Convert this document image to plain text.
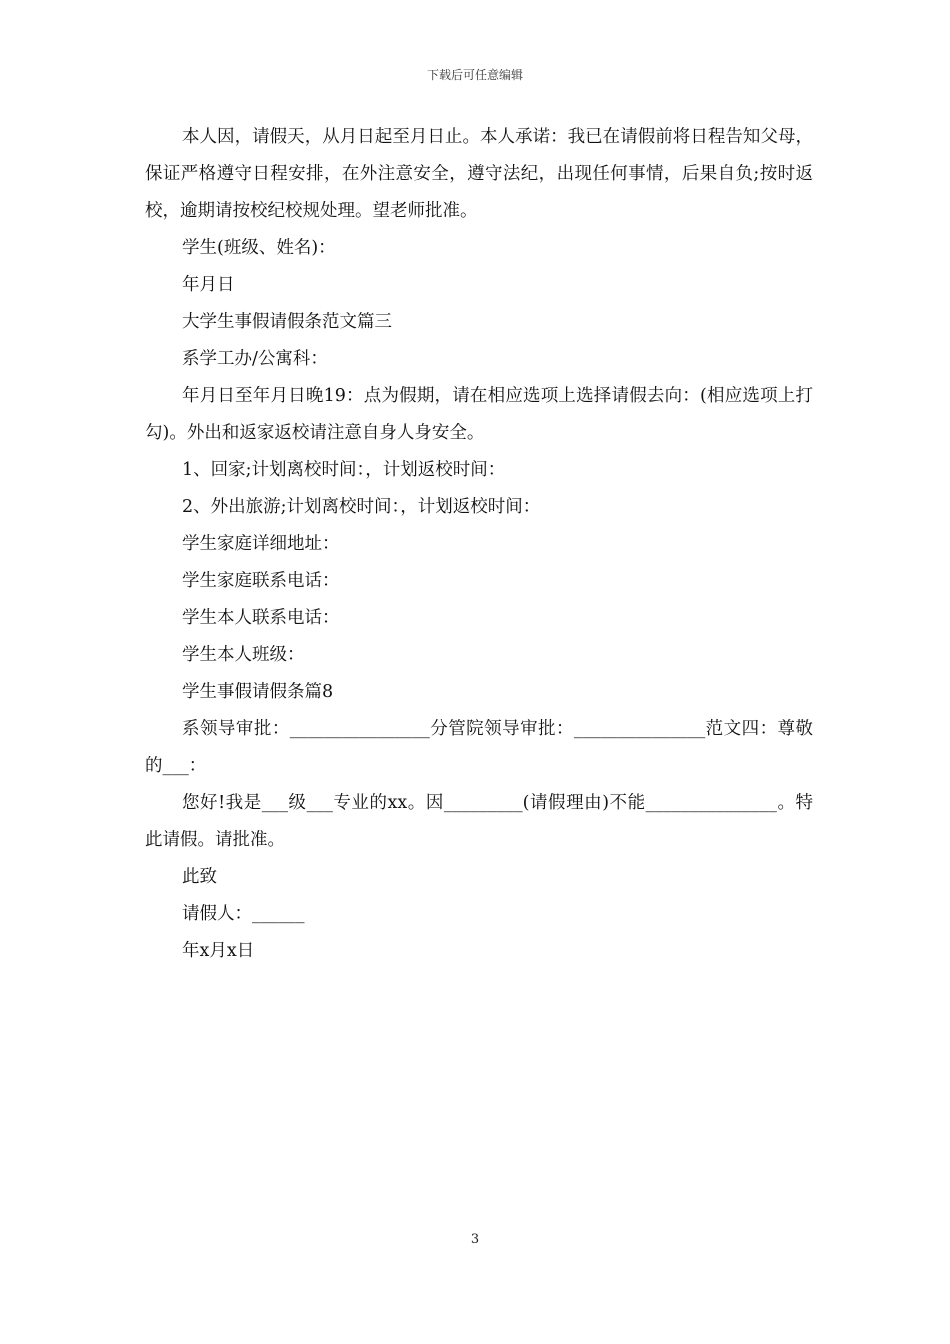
下载后可任意编辑

本人因，请假天，从月日起至月日止。本人承诺：我已在请假前将日程告知父母，保证严格遵守日程安排，在外注意安全，遵守法纪，出现任何事情，后果自负;按时返校，逾期请按校纪校规处理。望老师批准。

学生(班级、姓名)：

年月日

大学生事假请假条范文篇三

系学工办/公寓科：

年月日至年月日晚19：点为假期，请在相应选项上选择请假去向：(相应选项上打勾)。外出和返家返校请注意自身人身安全。

1、回家;计划离校时间：，计划返校时间：

2、外出旅游;计划离校时间：，计划返校时间：

学生家庭详细地址：

学生家庭联系电话：

学生本人联系电话：

学生本人班级：

学生事假请假条篇8

系领导审批：________________分管院领导审批：_______________范文四：尊敬的___：

您好!我是___级___专业的xx。因_________(请假理由)不能_______________。特此请假。请批准。

此致

请假人：______

年x月x日

3
